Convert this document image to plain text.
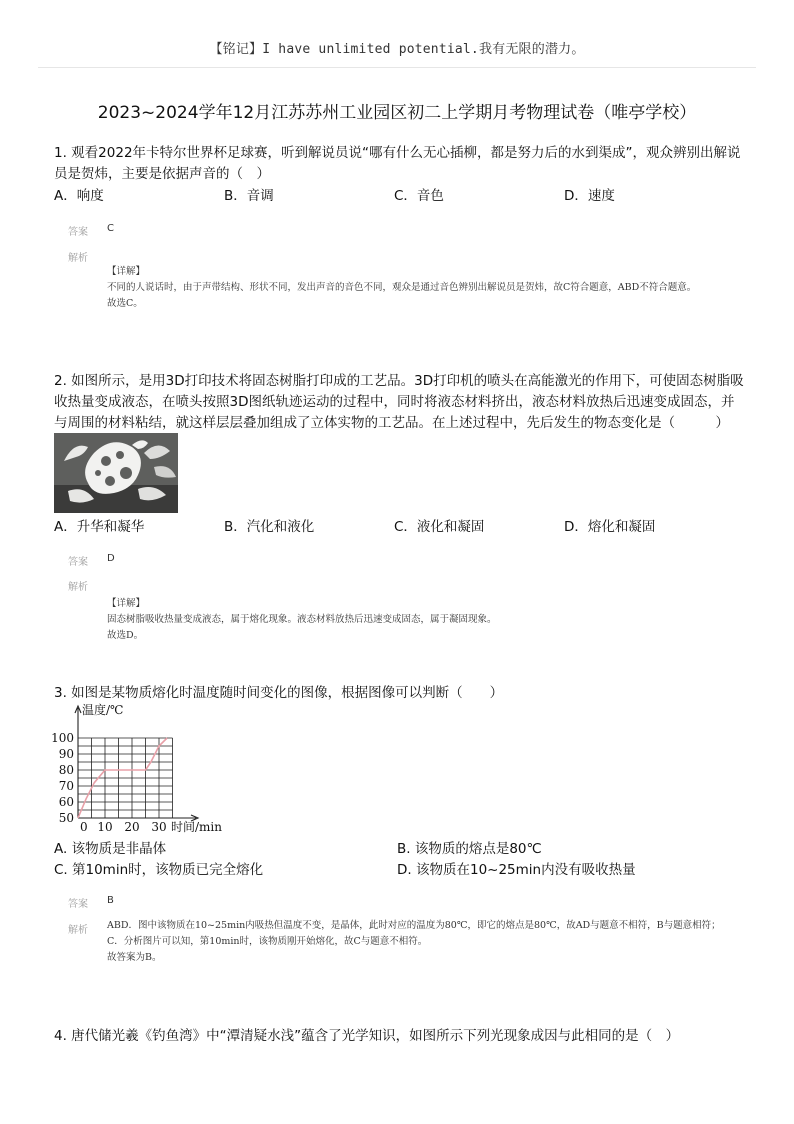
【铭记】I have unlimited potential.我有无限的潜力。
2023~2024学年12月江苏苏州工业园区初二上学期月考物理试卷（唯亭学校）
1. 观看2022年卡特尔世界杯足球赛，听到解说员说“哪有什么无心插柳，都是努力后的水到渠成”，观众辨别出解说员是贺炜，主要是依据声音的（　）
A．响度	B．音调	C．音色	D．速度
答案 C
解析
【详解】
不同的人说话时，由于声带结构、形状不同，发出声音的音色不同，观众是通过音色辨别出解说员是贺炜，故C符合题意，ABD不符合题意。
故选C。
2. 如图所示，是用3D打印技术将固态树脂打印成的工艺品。3D打印机的喷头在高能激光的作用下，可使固态树脂吸收热量变成液态，在喷头按照3D图纸轨迹运动的过程中，同时将液态材料挤出，液态材料放热后迅速变成固态，并与周围的材料粘结，就这样层层叠加组成了立体实物的工艺品。在上述过程中，先后发生的物态变化是（　　　）
A．升华和凝华	B．汽化和液化	C．液化和凝固	D．熔化和凝固
答案 D
解析
【详解】
固态树脂吸收热量变成液态，属于熔化现象。液态材料放热后迅速变成固态，属于凝固现象。
故选D。
3. 如图是某物质熔化时温度随时间变化的图像，根据图像可以判断（　　）
50
60
70
80
90
100
10 20 30
0
温度/℃
时间/min
A. 该物质是非晶体	B. 该物质的熔点是80℃
C. 第10min时，该物质已完全熔化	D. 该物质在10~25min内没有吸收热量
答案 B
解析 ABD．图中该物质在10~25min内吸热但温度不变，是晶体，此时对应的温度为80℃，即它的熔点是80℃，故AD与题意不相符，B与题意相符；
C．分析图片可以知，第10min时，该物质刚开始熔化，故C与题意不相符。
故答案为B。
4. 唐代储光羲《钓鱼湾》中“潭清疑水浅”蕴含了光学知识，如图所示下列光现象成因与此相同的是（　）
